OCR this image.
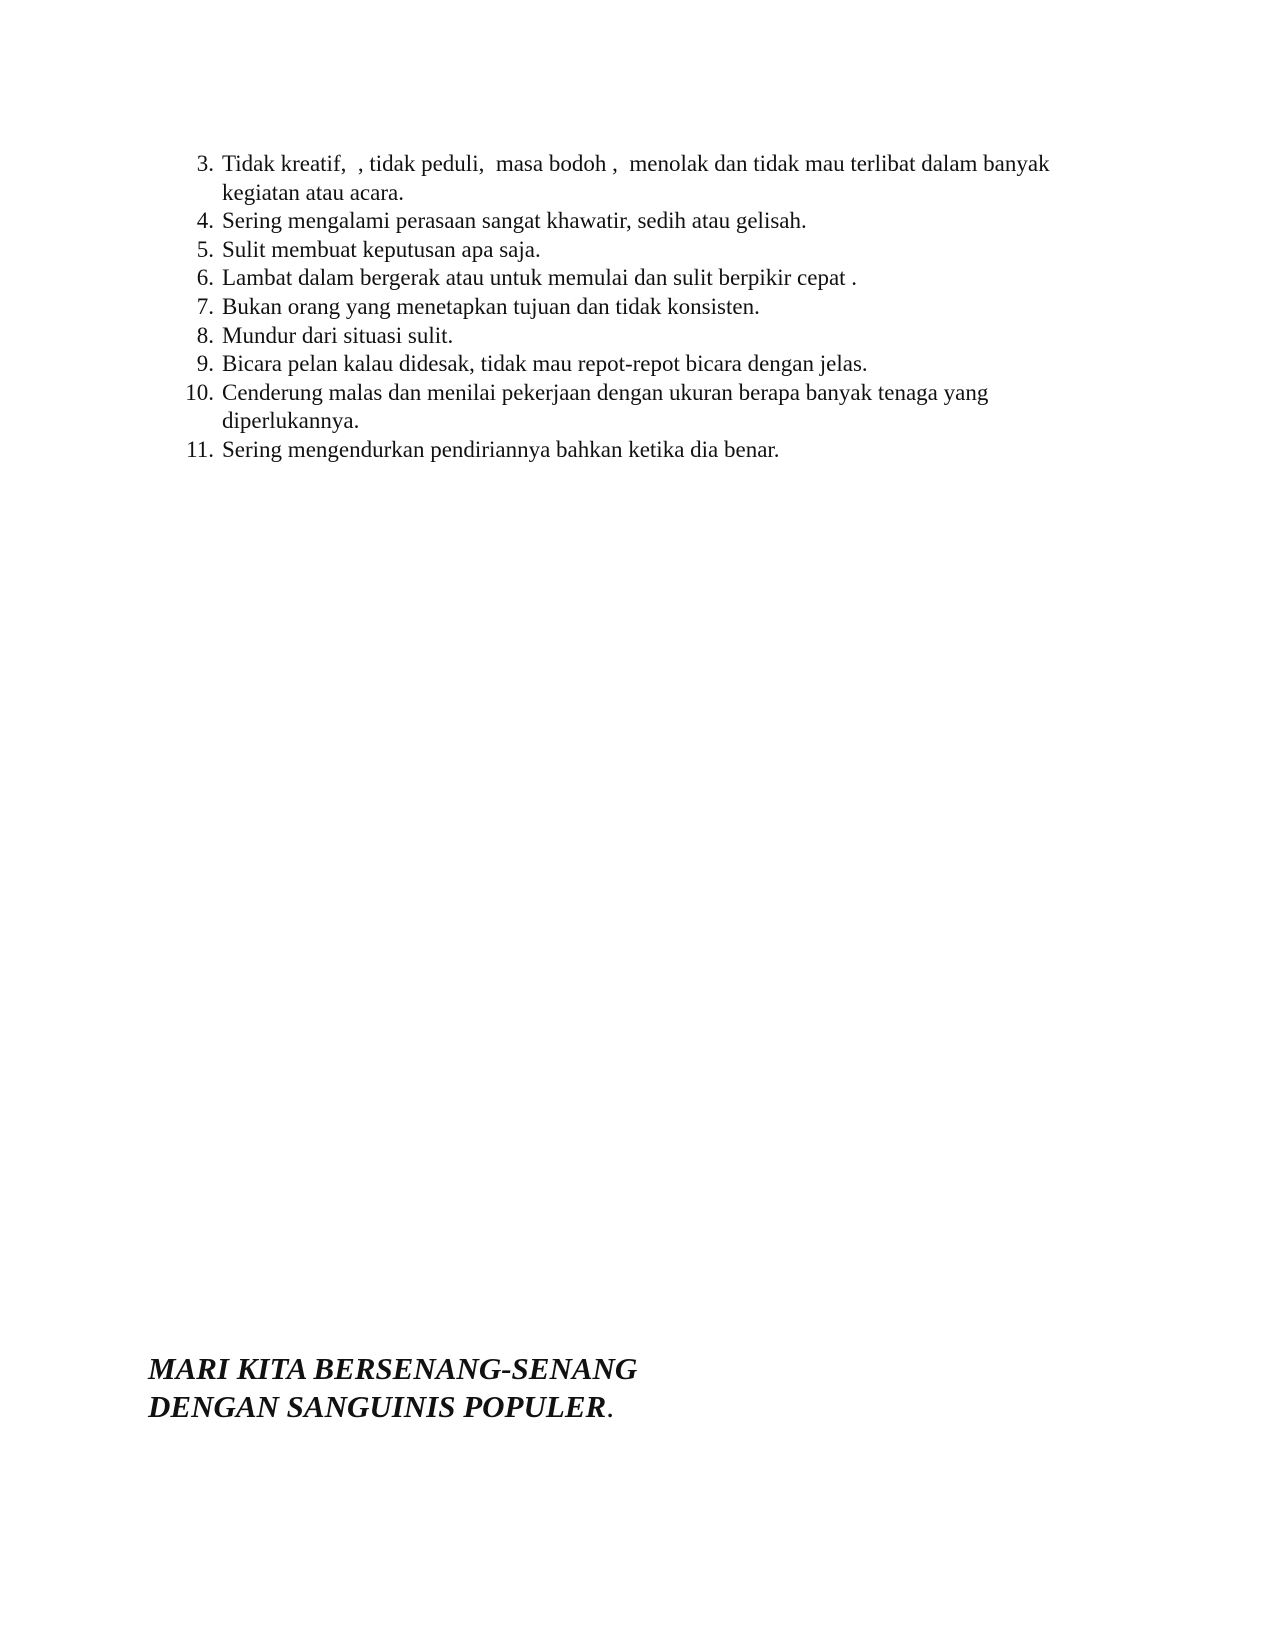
3. Tidak kreatif,  , tidak peduli,  masa bodoh ,  menolak dan tidak mau terlibat dalam banyak kegiatan atau acara.
4. Sering mengalami perasaan sangat khawatir, sedih atau gelisah.
5. Sulit membuat keputusan apa saja.
6. Lambat dalam bergerak atau untuk memulai dan sulit berpikir cepat .
7. Bukan orang yang menetapkan tujuan dan tidak konsisten.
8. Mundur dari situasi sulit.
9. Bicara pelan kalau didesak, tidak mau repot-repot bicara dengan jelas.
10. Cenderung malas dan menilai pekerjaan dengan ukuran berapa banyak tenaga yang diperlukannya.
11. Sering mengendurkan pendiriannya bahkan ketika dia benar.
MARI KITA BERSENANG-SENANG
DENGAN SANGUINIS POPULER.
